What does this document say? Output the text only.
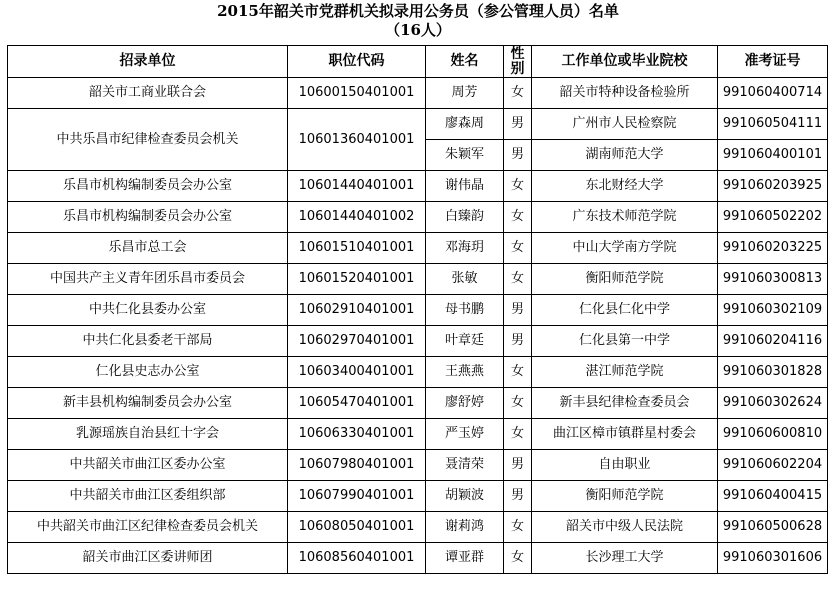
2015年韶关市党群机关拟录用公务员（参公管理人员）名单
（16人）
招录单位	职位代码	姓名	性别	工作单位或毕业院校	准考证号
韶关市工商业联合会	10600150401001	周芳	女	韶关市特种设备检验所	991060400714
中共乐昌市纪律检查委员会机关	10601360401001	廖森周	男	广州市人民检察院	991060504111
		朱颖军	男	湖南师范大学	991060400101
乐昌市机构编制委员会办公室	10601440401001	谢伟晶	女	东北财经大学	991060203925
乐昌市机构编制委员会办公室	10601440401002	白臻韵	女	广东技术师范学院	991060502202
乐昌市总工会	10601510401001	邓海玥	女	中山大学南方学院	991060203225
中国共产主义青年团乐昌市委员会	10601520401001	张敏	女	衡阳师范学院	991060300813
中共仁化县委办公室	10602910401001	母书鹏	男	仁化县仁化中学	991060302109
中共仁化县委老干部局	10602970401001	叶章廷	男	仁化县第一中学	991060204116
仁化县史志办公室	10603400401001	王燕燕	女	湛江师范学院	991060301828
新丰县机构编制委员会办公室	10605470401001	廖舒婷	女	新丰县纪律检查委员会	991060302624
乳源瑶族自治县红十字会	10606330401001	严玉婷	女	曲江区樟市镇群星村委会	991060600810
中共韶关市曲江区委办公室	10607980401001	聂清荣	男	自由职业	991060602204
中共韶关市曲江区委组织部	10607990401001	胡颖波	男	衡阳师范学院	991060400415
中共韶关市曲江区纪律检查委员会机关	10608050401001	谢莉鸿	女	韶关市中级人民法院	991060500628
韶关市曲江区委讲师团	10608560401001	谭亚群	女	长沙理工大学	991060301606
